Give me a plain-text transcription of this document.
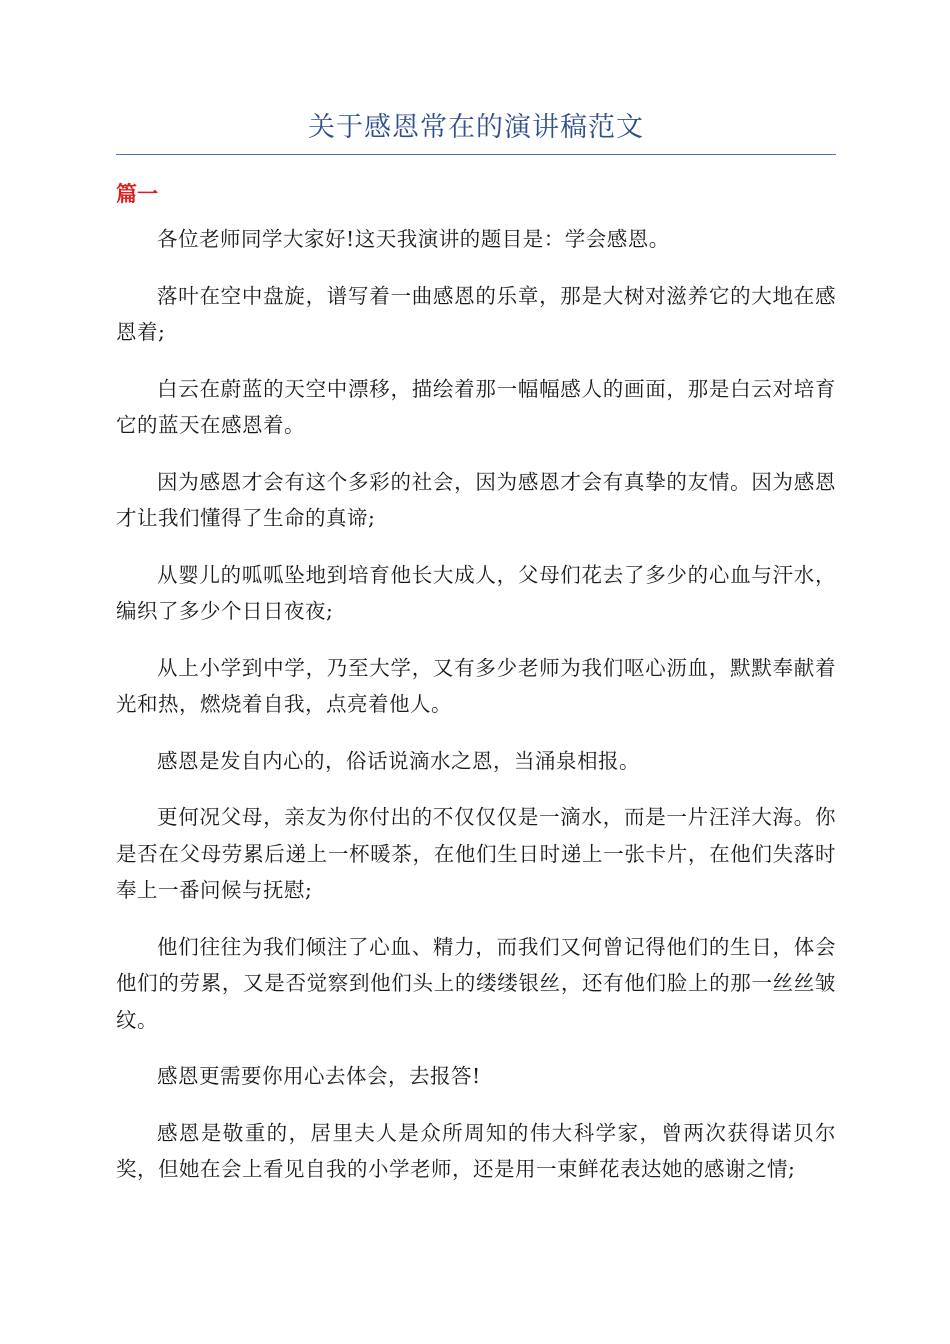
关于感恩常在的演讲稿范文
篇一

各位老师同学大家好!这天我演讲的题目是：学会感恩。

落叶在空中盘旋，谱写着一曲感恩的乐章，那是大树对滋养它的大地在感恩着;

白云在蔚蓝的天空中漂移，描绘着那一幅幅感人的画面，那是白云对培育它的蓝天在感恩着。

因为感恩才会有这个多彩的社会，因为感恩才会有真挚的友情。因为感恩才让我们懂得了生命的真谛;

从婴儿的呱呱坠地到培育他长大成人，父母们花去了多少的心血与汗水，编织了多少个日日夜夜;

从上小学到中学，乃至大学，又有多少老师为我们呕心沥血，默默奉献着光和热，燃烧着自我，点亮着他人。

感恩是发自内心的，俗话说滴水之恩，当涌泉相报。

更何况父母，亲友为你付出的不仅仅仅是一滴水，而是一片汪洋大海。你是否在父母劳累后递上一杯暖茶，在他们生日时递上一张卡片，在他们失落时奉上一番问候与抚慰;

他们往往为我们倾注了心血、精力，而我们又何曾记得他们的生日，体会他们的劳累，又是否觉察到他们头上的缕缕银丝，还有他们脸上的那一丝丝皱纹。

感恩更需要你用心去体会，去报答!

感恩是敬重的，居里夫人是众所周知的伟大科学家，曾两次获得诺贝尔奖，但她在会上看见自我的小学老师，还是用一束鲜花表达她的感谢之情;
